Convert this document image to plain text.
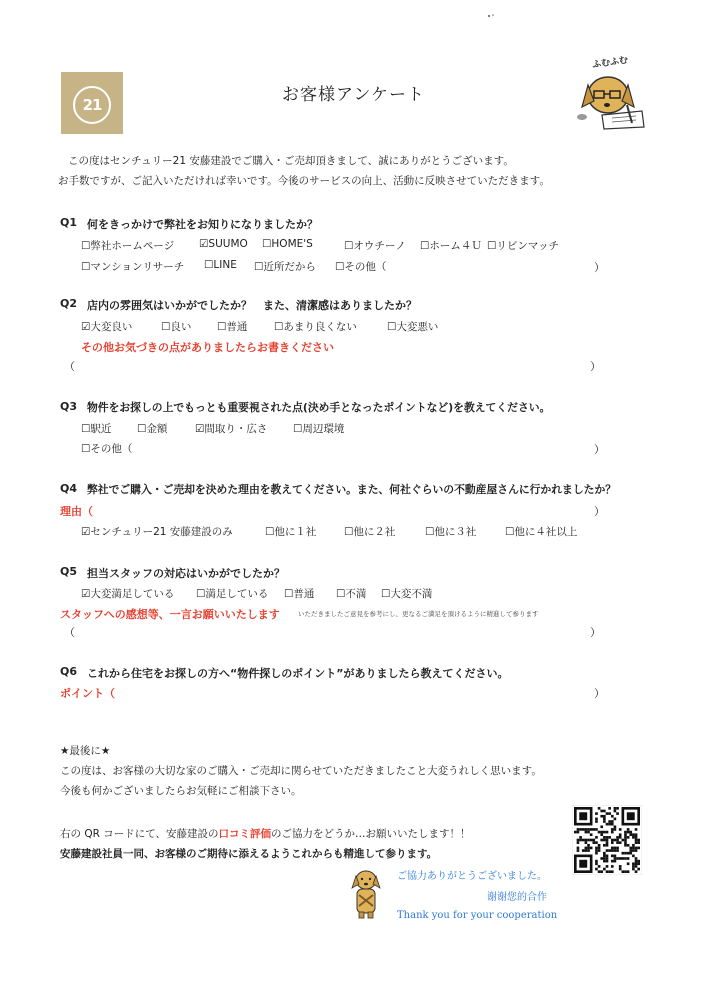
21	お客様アンケート
ふむふむ
この度はセンチュリー21 安藤建設でご購入・ご売却頂きまして、誠にありがとうございます。
お手数ですが、ご記入いただければ幸いです。今後のサービスの向上、活動に反映させていただきます。
Q1 何をきっかけで弊社をお知りになりましたか？
☐弊社ホームページ ☑SUUMO ☐HOME'S	☐オウチーノ ☐ホーム４Ｕ ☐リビンマッチ
☐マンションリサーチ ☐LINE ☐近所だから ☐その他（	）
Q2 店内の雰囲気はいかがでしたか？　また、清潔感はありましたか？
☑大変良い	☐良い ☐普通	☐あまり良くない	☐大変悪い
その他お気づきの点がありましたらお書きください
（	）
Q3 物件をお探しの上でもっとも重要視された点(決め手となったポイントなど)を教えてください。
☐駅近 ☐金額	☑間取り・広さ ☐周辺環境
☐その他（	）
Q4 弊社でご購入・ご売却を決めた理由を教えてください。また、何社ぐらいの不動産屋さんに行かれましたか？
理由（	）
☑センチュリー21 安藤建設のみ	☐他に１社	☐他に２社	☐他に３社	☐他に４社以上
Q5 担当スタッフの対応はいかがでしたか？
☑大変満足している ☐満足している ☐普通 ☐不満 ☐大変不満
スタッフへの感想等、一言お願いいたします	いただきましたご意見を参考にし、更なるご満足を頂けるように精進して参ります
（	）
Q6 これから住宅をお探しの方へ“物件探しのポイント”がありましたら教えてください。
ポイント（	）
★最後に★
この度は、お客様の大切な家のご購入・ご売却に関らせていただきましたこと大変うれしく思います。
今後も何かございましたらお気軽にご相談下さい。
右の QR コードにて、安藤建設の口コミ評価のご協力をどうか…お願いいたします！！
安藤建設社員一同、お客様のご期待に添えるようこれからも精進して参ります。
ご協力ありがとうございました。
谢谢您的合作
Thank you for your cooperation
